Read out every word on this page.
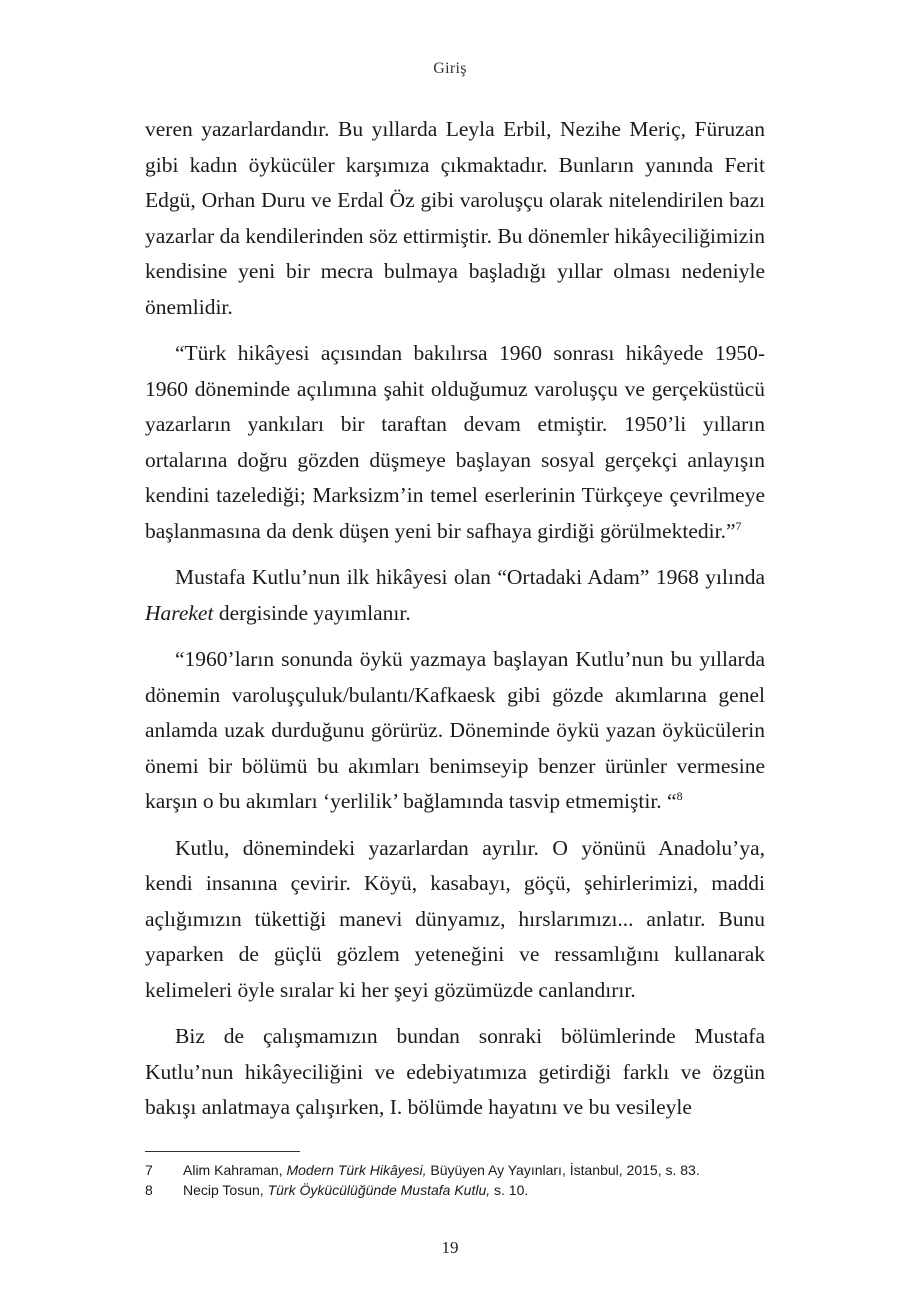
Giriş

veren yazarlardandır. Bu yıllarda Leyla Erbil, Nezihe Meriç, Füruzan gibi kadın öykücüler karşımıza çıkmaktadır. Bunların yanında Ferit Edgü, Orhan Duru ve Erdal Öz gibi varoluşçu olarak nitelendirilen bazı yazarlar da kendilerinden söz ettirmiştir. Bu dönemler hikâyeciliğimizin kendisine yeni bir mecra bulmaya başladığı yıllar olması nedeniyle önemlidir.

“Türk hikâyesi açısından bakılırsa 1960 sonrası hikâyede 1950-1960 döneminde açılımına şahit olduğumuz varoluşçu ve gerçeküstücü yazarların yankıları bir taraftan devam etmiştir. 1950’li yılların ortalarına doğru gözden düşmeye başlayan sosyal gerçekçi anlayışın kendini tazelediği; Marksizm’in temel eserlerinin Türkçeye çevrilmeye başlanmasına da denk düşen yeni bir safhaya girdiği görülmektedir.”$^7$

Mustafa Kutlu’nun ilk hikâyesi olan “Ortadaki Adam” 1968 yılında Hareket dergisinde yayımlanır.

“1960’ların sonunda öykü yazmaya başlayan Kutlu’nun bu yıllarda dönemin varoluşçuluk/bulantı/Kafkaesk gibi gözde akımlarına genel anlamda uzak durduğunu görürüz. Döneminde öykü yazan öykücülerin önemi bir bölümü bu akımları benimseyip benzer ürünler vermesine karşın o bu akımları ‘yerlilik’ bağlamında tasvip etmemiştir. “$^8$

Kutlu, dönemindeki yazarlardan ayrılır. O yönünü Anadolu’ya, kendi insanına çevirir. Köyü, kasabayı, göçü, şehirlerimizi, maddi açlığımızın tükettiği manevi dünyamız, hırslarımızı... anlatır. Bunu yaparken de güçlü gözlem yeteneğini ve ressamlığını kullanarak kelimeleri öyle sıralar ki her şeyi gözümüzde canlandırır.

Biz de çalışmamızın bundan sonraki bölümlerinde Mustafa Kutlu’nun hikâyeciliğini ve edebiyatımıza getirdiği farklı ve özgün bakışı anlatmaya çalışırken, I. bölümde hayatını ve bu vesileyle

7	Alim Kahraman, Modern Türk Hikâyesi, Büyüyen Ay Yayınları, İstanbul, 2015, s. 83.
8	Necip Tosun, Türk Öykücülüğünde Mustafa Kutlu, s. 10.
19
